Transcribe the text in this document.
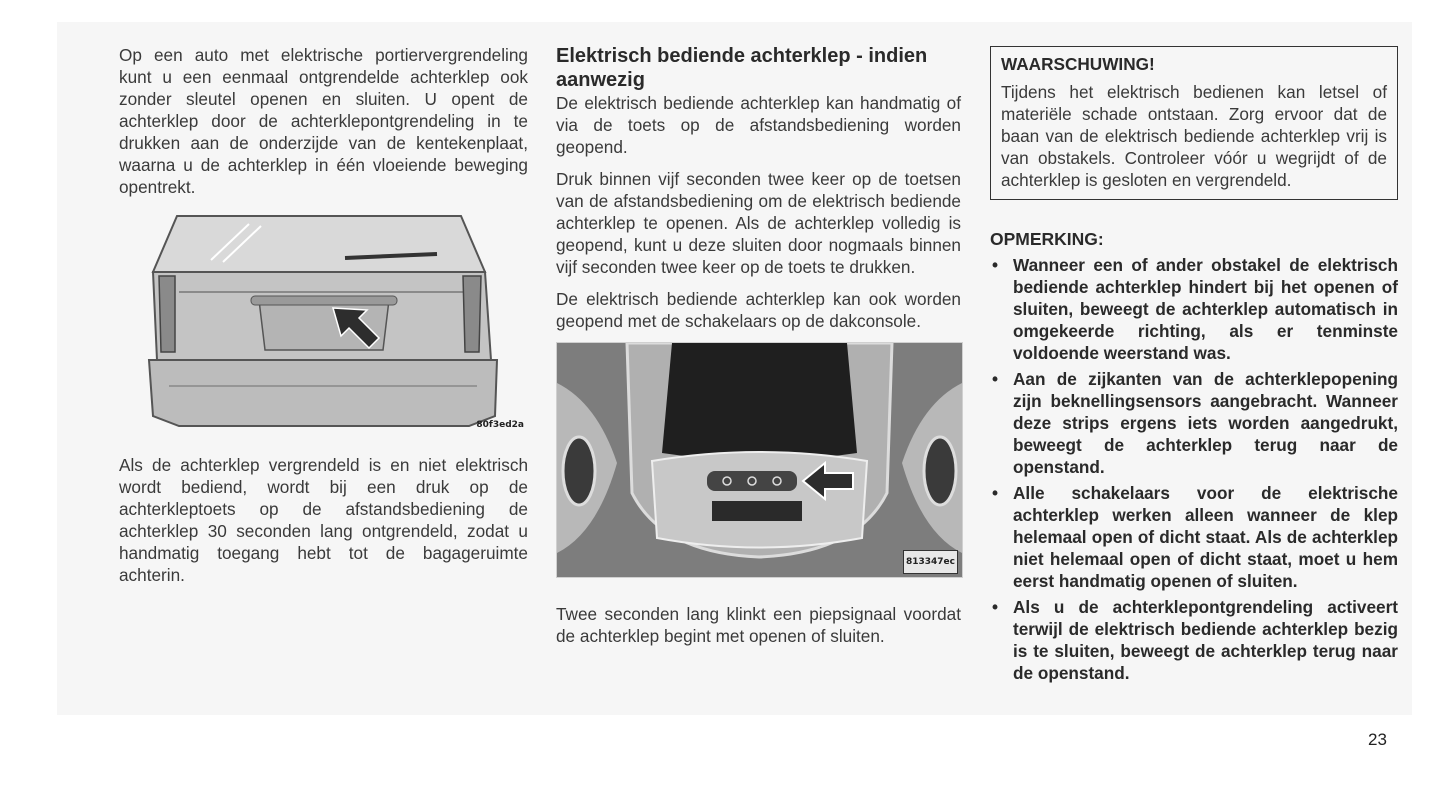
Op een auto met elektrische portiervergrendeling kunt u een eenmaal ontgrendelde achterklep ook zonder sleutel openen en sluiten. U opent de achterklep door de achterklepontgrendeling in te drukken aan de onderzijde van de kentekenplaat, waarna u de achterklep in één vloeiende beweging opentrekt.

80f3ed2a

Als de achterklep vergrendeld is en niet elektrisch wordt bediend, wordt bij een druk op de achterkleptoets op de afstandsbediening de achterklep 30 seconden lang ontgrendeld, zodat u handmatig toegang hebt tot de bagageruimte achterin.

Elektrisch bediende achterklep - indien aanwezig

De elektrisch bediende achterklep kan handmatig of via de toets op de afstandsbediening worden geopend.

Druk binnen vijf seconden twee keer op de toetsen van de afstandsbediening om de elektrisch bediende achterklep te openen. Als de achterklep volledig is geopend, kunt u deze sluiten door nogmaals binnen vijf seconden twee keer op de toets te drukken.

De elektrisch bediende achterklep kan ook worden geopend met de schakelaars op de dakconsole.

813347ec

Twee seconden lang klinkt een piepsignaal voordat de achterklep begint met openen of sluiten.

WAARSCHUWING!

Tijdens het elektrisch bedienen kan letsel of materiële schade ontstaan. Zorg ervoor dat de baan van de elektrisch bediende achterklep vrij is van obstakels. Controleer vóór u wegrijdt of de achterklep is gesloten en vergrendeld.

OPMERKING:
• Wanneer een of ander obstakel de elektrisch bediende achterklep hindert bij het openen of sluiten, beweegt de achterklep automatisch in omgekeerde richting, als er tenminste voldoende weerstand was.
• Aan de zijkanten van de achterklepopening zijn beknellingsensors aangebracht. Wanneer deze strips ergens iets worden aangedrukt, beweegt de achterklep terug naar de openstand.
• Alle schakelaars voor de elektrische achterklep werken alleen wanneer de klep helemaal open of dicht staat. Als de achterklep niet helemaal open of dicht staat, moet u hem eerst handmatig openen of sluiten.
• Als u de achterklepontgrendeling activeert terwijl de elektrisch bediende achterklep bezig is te sluiten, beweegt de achterklep terug naar de openstand.
23
